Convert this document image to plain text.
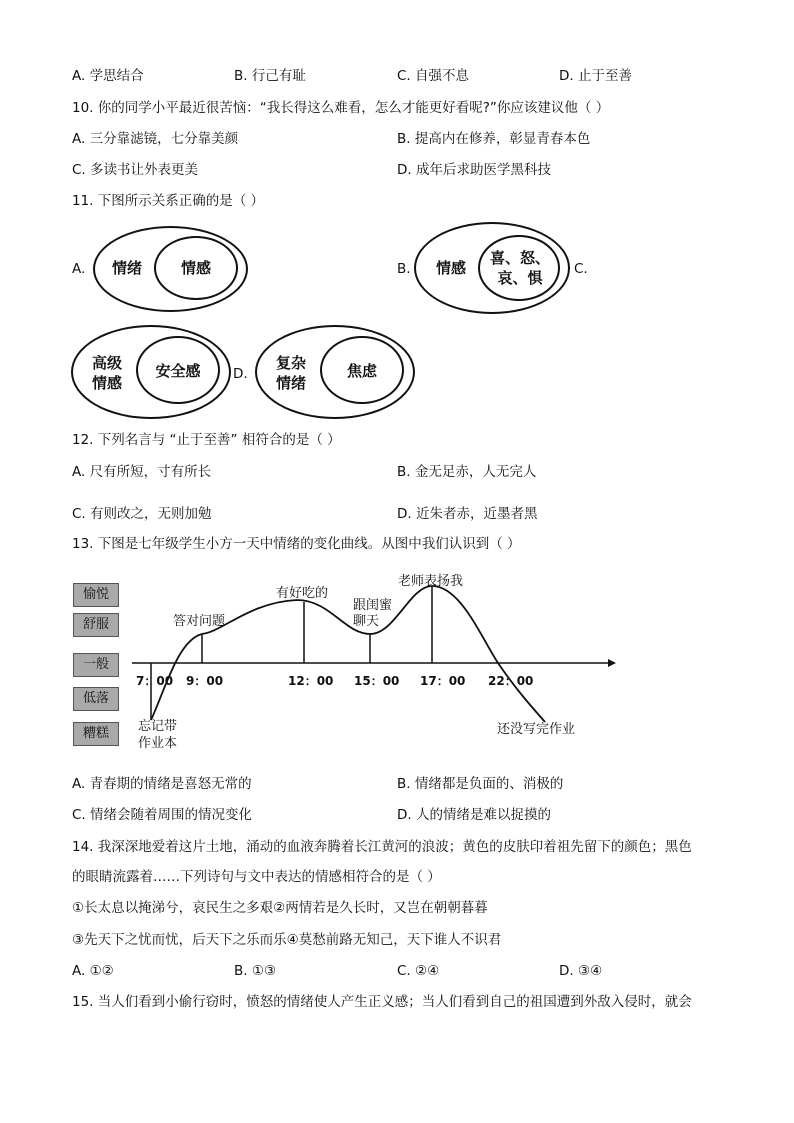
A. 学思结合	B. 行己有耻	C. 自强不息	D. 止于至善
10. 你的同学小平最近很苦恼：“我长得这么难看，怎么才能更好看呢?”你应该建议他（ ）
A. 三分靠滤镜，七分靠美颜	B. 提高内在修养，彰显青春本色
C. 多读书让外表更美	D. 成年后求助医学黑科技
11. 下图所示关系正确的是（ ）
A.	情绪	情感	B.	情感
喜、怒、
哀、惧	C.
高级
情感
安全感	D.
复杂
情绪
焦虑
12. 下列名言与 “止于至善” 相符合的是（ ）
A. 尺有所短，寸有所长	B. 金无足赤，人无完人
C. 有则改之，无则加勉	D. 近朱者赤，近墨者黑
13. 下图是七年级学生小方一天中情绪的变化曲线。从图中我们认识到（ ）
愉悦
舒服
一般
低落
糟糕
7：00 9：00	12：00 15：00 17：00 22：00
忘记带
作业本
答对问题
有好吃的
跟闺蜜
聊天
老师表扬我
还没写完作业
A. 青春期的情绪是喜怒无常的	B. 情绪都是负面的、消极的
C. 情绪会随着周围的情况变化	D. 人的情绪是难以捉摸的
14. 我深深地爱着这片土地，涌动的血液奔腾着长江黄河的浪波；黄色的皮肤印着祖先留下的颜色；黑色
的眼睛流露着……下列诗句与文中表达的情感相符合的是（ ）
①长太息以掩涕兮，哀民生之多艰②两情若是久长时，又岂在朝朝暮暮
③先天下之忧而忧，后天下之乐而乐④莫愁前路无知己，天下谁人不识君
A. ①②	B. ①③	C. ②④	D. ③④
15. 当人们看到小偷行窃时，愤怒的情绪使人产生正义感；当人们看到自己的祖国遭到外敌入侵时，就会
